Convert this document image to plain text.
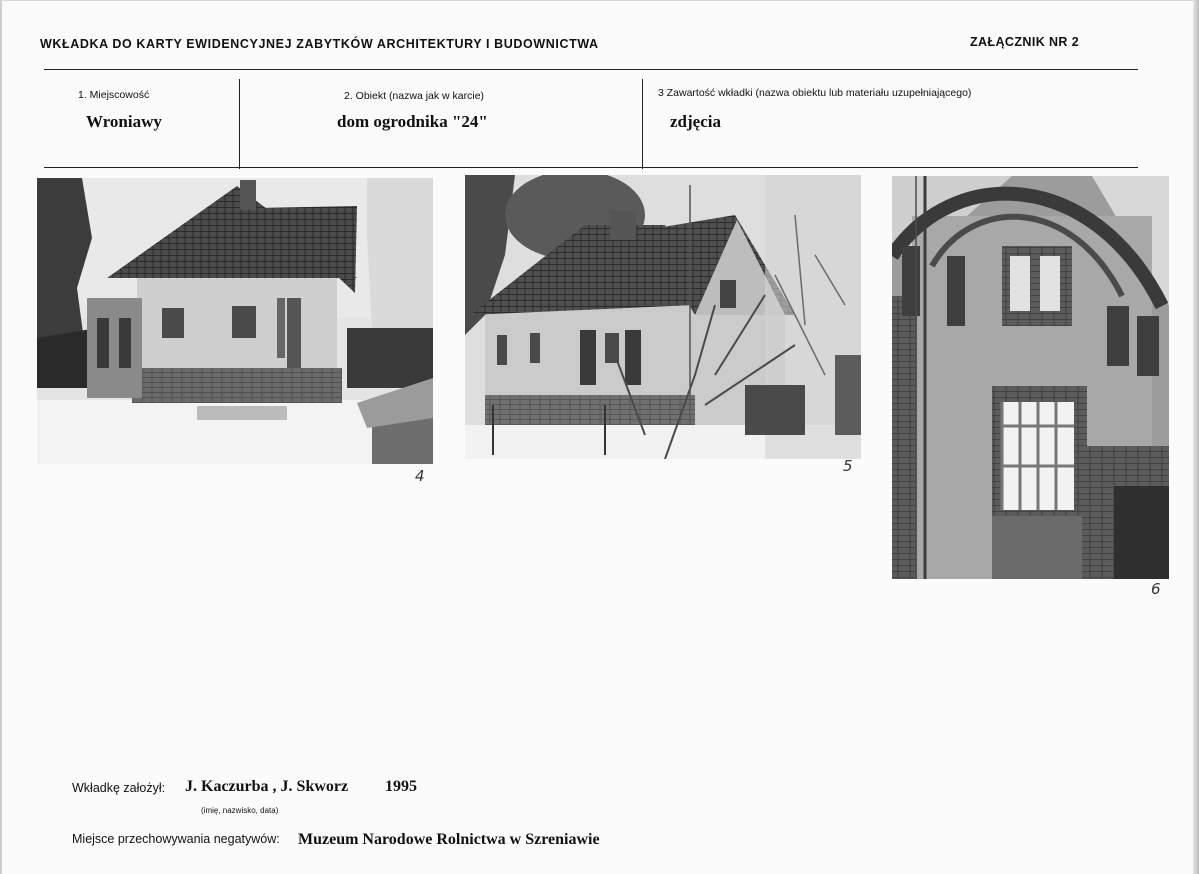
WKŁADKA DO KARTY EWIDENCYJNEJ ZABYTKÓW ARCHITEKTURY I BUDOWNICTWA	ZAŁĄCZNIK NR 2
1. Miejscowość
Wroniawy
2. Obiekt (nazwa jak w karcie)
dom ogrodnika "24"
3 Zawartość wkładki (nazwa obiektu lub materiału uzupełniającego)
zdjęcia
4
5
6
Wkładkę założył: J. Kaczurba , J. Skworz 1995
(imię, nazwisko, data)
Miejsce przechowywania negatywów: Muzeum Narodowe Rolnictwa w Szreniawie
